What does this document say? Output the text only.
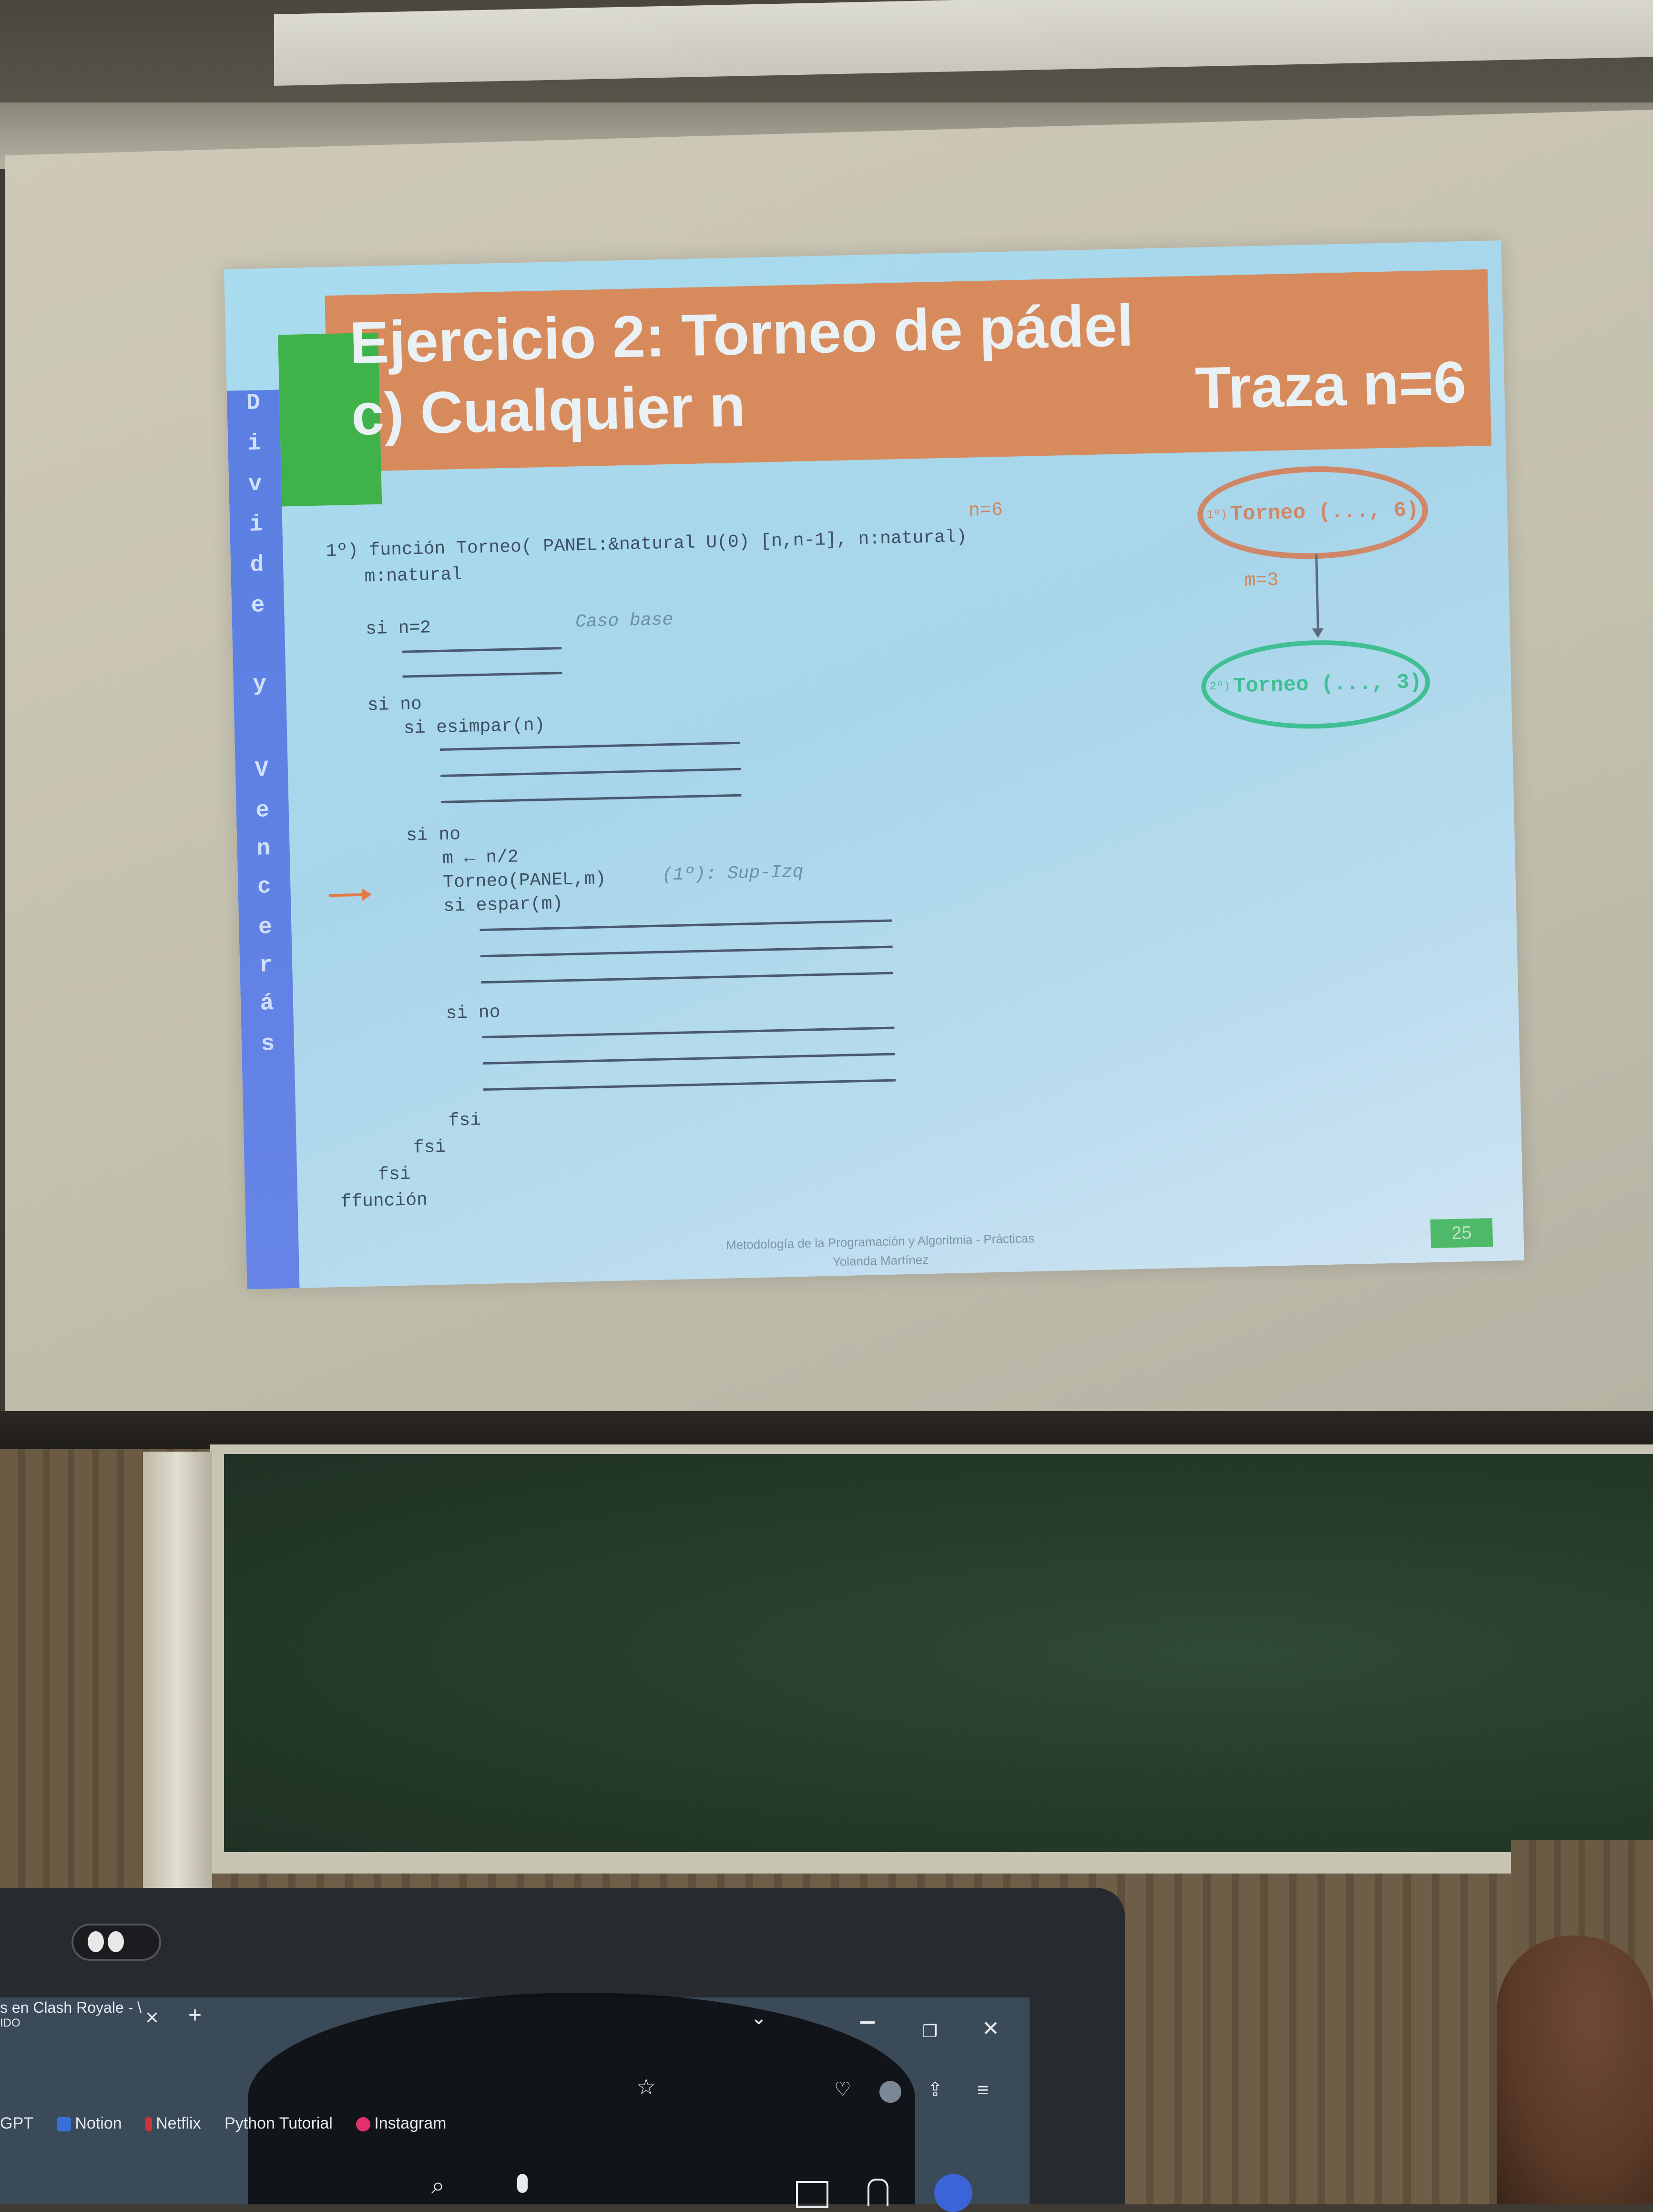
D
i
v
i
d
e
y
V
e
n
c
e
r
á
s
Ejercicio 2: Torneo de pádel
c) Cualquier n	Traza n=6
n=6
1º) función Torneo( PANEL:&natural U(0) [n,n-1], n:natural)
m:natural
si n=2	Caso base
si no
si esimpar(n)
si no
m ← n/2
Torneo(PANEL,m)	(1º): Sup-Izq
si espar(m)
si no
fsi
fsi
fsi
ffunción
1º) Torneo (..., 6)
m=3
2º) Torneo (..., 3)
Metodología de la Programación y Algoritmia - Prácticas
Yolanda Martínez
25
s en Clash Royale - \
IDO	× +	⌄
❐ ✕
☆	♡	⇪ ≡
GPT	Notion Netflix Python Tutorial	Instagram
⌕
